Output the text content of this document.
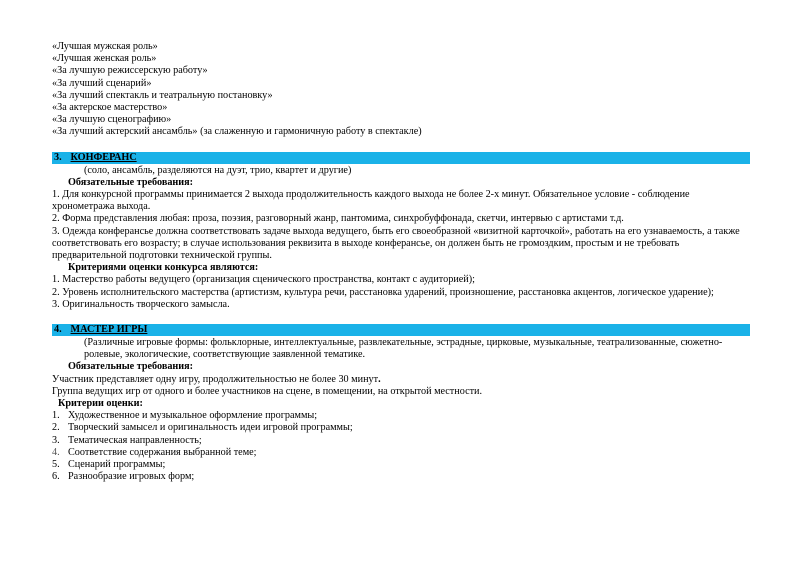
«Лучшая мужская роль»
«Лучшая женская роль»
«За лучшую режиссерскую работу»
«За лучший сценарий»
«За лучший спектакль и театральную постановку»
«За актерское мастерство»
«За лучшую сценографию»
«За лучший актерский ансамбль» (за слаженную и гармоничную работу в спектакле)
3. КОНФЕРАНС
(соло, ансамбль, разделяются на дуэт, трио, квартет и другие)
Обязательные требования:
1. Для конкурсной программы принимается 2 выхода продолжительность каждого выхода не более 2-х минут. Обязательное условие - соблюдение хронометража выхода.
2. Форма представления любая: проза, поэзия, разговорный жанр, пантомима, синхробуффонада, скетчи, интервью с артистами т.д.
3. Одежда конферансье должна соответствовать задаче выхода ведущего, быть его своеобразной «визитной карточкой», работать на его узнаваемость, а также соответствовать его возрасту; в случае использования реквизита в выходе конферансье, он должен быть не громоздким, простым и не требовать предварительной подготовки технической группы.
Критериями оценки конкурса являются:
1. Мастерство работы ведущего (организация сценического пространства, контакт с аудиторией);
2. Уровень исполнительского мастерства (артистизм, культура речи, расстановка ударений, произношение, расстановка акцентов, логическое ударение);
3. Оригинальность творческого замысла.
4. МАСТЕР ИГРЫ
(Различные игровые формы: фольклорные, интеллектуальные, развлекательные, эстрадные, цирковые, музыкальные, театрализованные, сюжетно-ролевые, экологические, соответствующие заявленной тематике.
Обязательные требования:
Участник представляет одну игру, продолжительностью не более 30 минут.
Группа ведущих игр от одного и более участников на сцене, в помещении, на открытой местности.
Критерии оценки:
1. Художественное и музыкальное оформление программы;
2. Творческий замысел и оригинальность идеи игровой программы;
3. Тематическая направленность;
4. Соответствие содержания выбранной теме;
5. Сценарий программы;
6. Разнообразие игровых форм;
